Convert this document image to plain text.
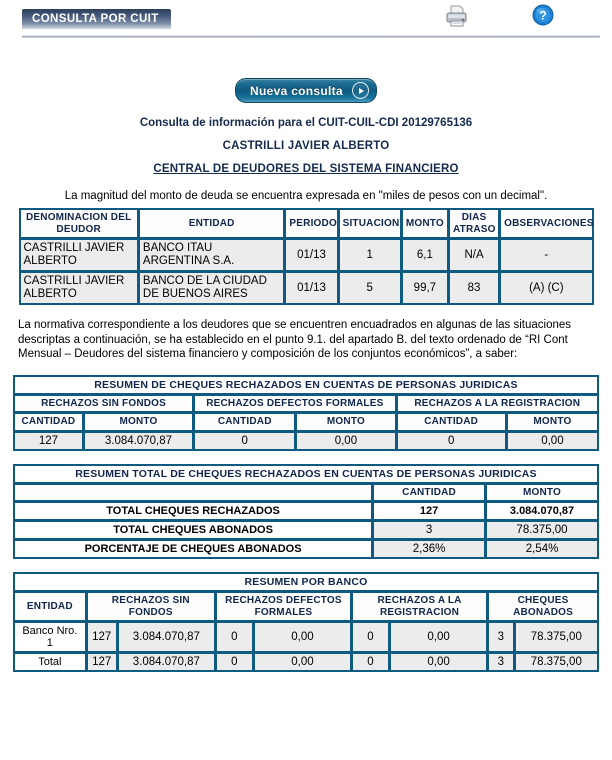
CONSULTA POR CUIT	?
Nueva consulta
Consulta de información para el CUIT-CUIL-CDI 20129765136
CASTRILLI JAVIER ALBERTO
CENTRAL DE DEUDORES DEL SISTEMA FINANCIERO
La magnitud del monto de deuda se encuentra expresada en "miles de pesos con un decimal".
DENOMINACION DEL DEUDOR	ENTIDAD	PERIODO	SITUACION	MONTO	DIAS ATRASO	OBSERVACIONES
CASTRILLI JAVIER ALBERTO	BANCO ITAU ARGENTINA S.A.	01/13	1	6,1	N/A	-
CASTRILLI JAVIER ALBERTO	BANCO DE LA CIUDAD DE BUENOS AIRES	01/13	5	99,7	83	(A) (C)
La normativa correspondiente a los deudores que se encuentren encuadrados en algunas de las situaciones descriptas a continuación, se ha establecido en el punto 9.1. del apartado B. del texto ordenado de “RI Cont Mensual – Deudores del sistema financiero y composición de los conjuntos económicos”, a saber:
RESUMEN DE CHEQUES RECHAZADOS EN CUENTAS DE PERSONAS JURIDICAS					
RECHAZOS SIN FONDOS		RECHAZOS DEFECTOS FORMALES		RECHAZOS A LA REGISTRACION	
CANTIDAD	MONTO	CANTIDAD	MONTO	CANTIDAD	MONTO
127	3.084.070,87	0	0,00	0	0,00
RESUMEN TOTAL DE CHEQUES RECHAZADOS EN CUENTAS DE PERSONAS JURIDICAS		
	CANTIDAD	MONTO
TOTAL CHEQUES RECHAZADOS	127	3.084.070,87
TOTAL CHEQUES ABONADOS	3	78.375,00
PORCENTAJE DE CHEQUES ABONADOS	2,36%	2,54%
RESUMEN POR BANCO								
ENTIDAD	RECHAZOS SIN FONDOS		RECHAZOS DEFECTOS FORMALES		RECHAZOS A LA REGISTRACION		CHEQUES ABONADOS	
Banco Nro. 1	127	3.084.070,87	0	0,00	0	0,00	3	78.375,00
Total	127	3.084.070,87	0	0,00	0	0,00	3	78.375,00
